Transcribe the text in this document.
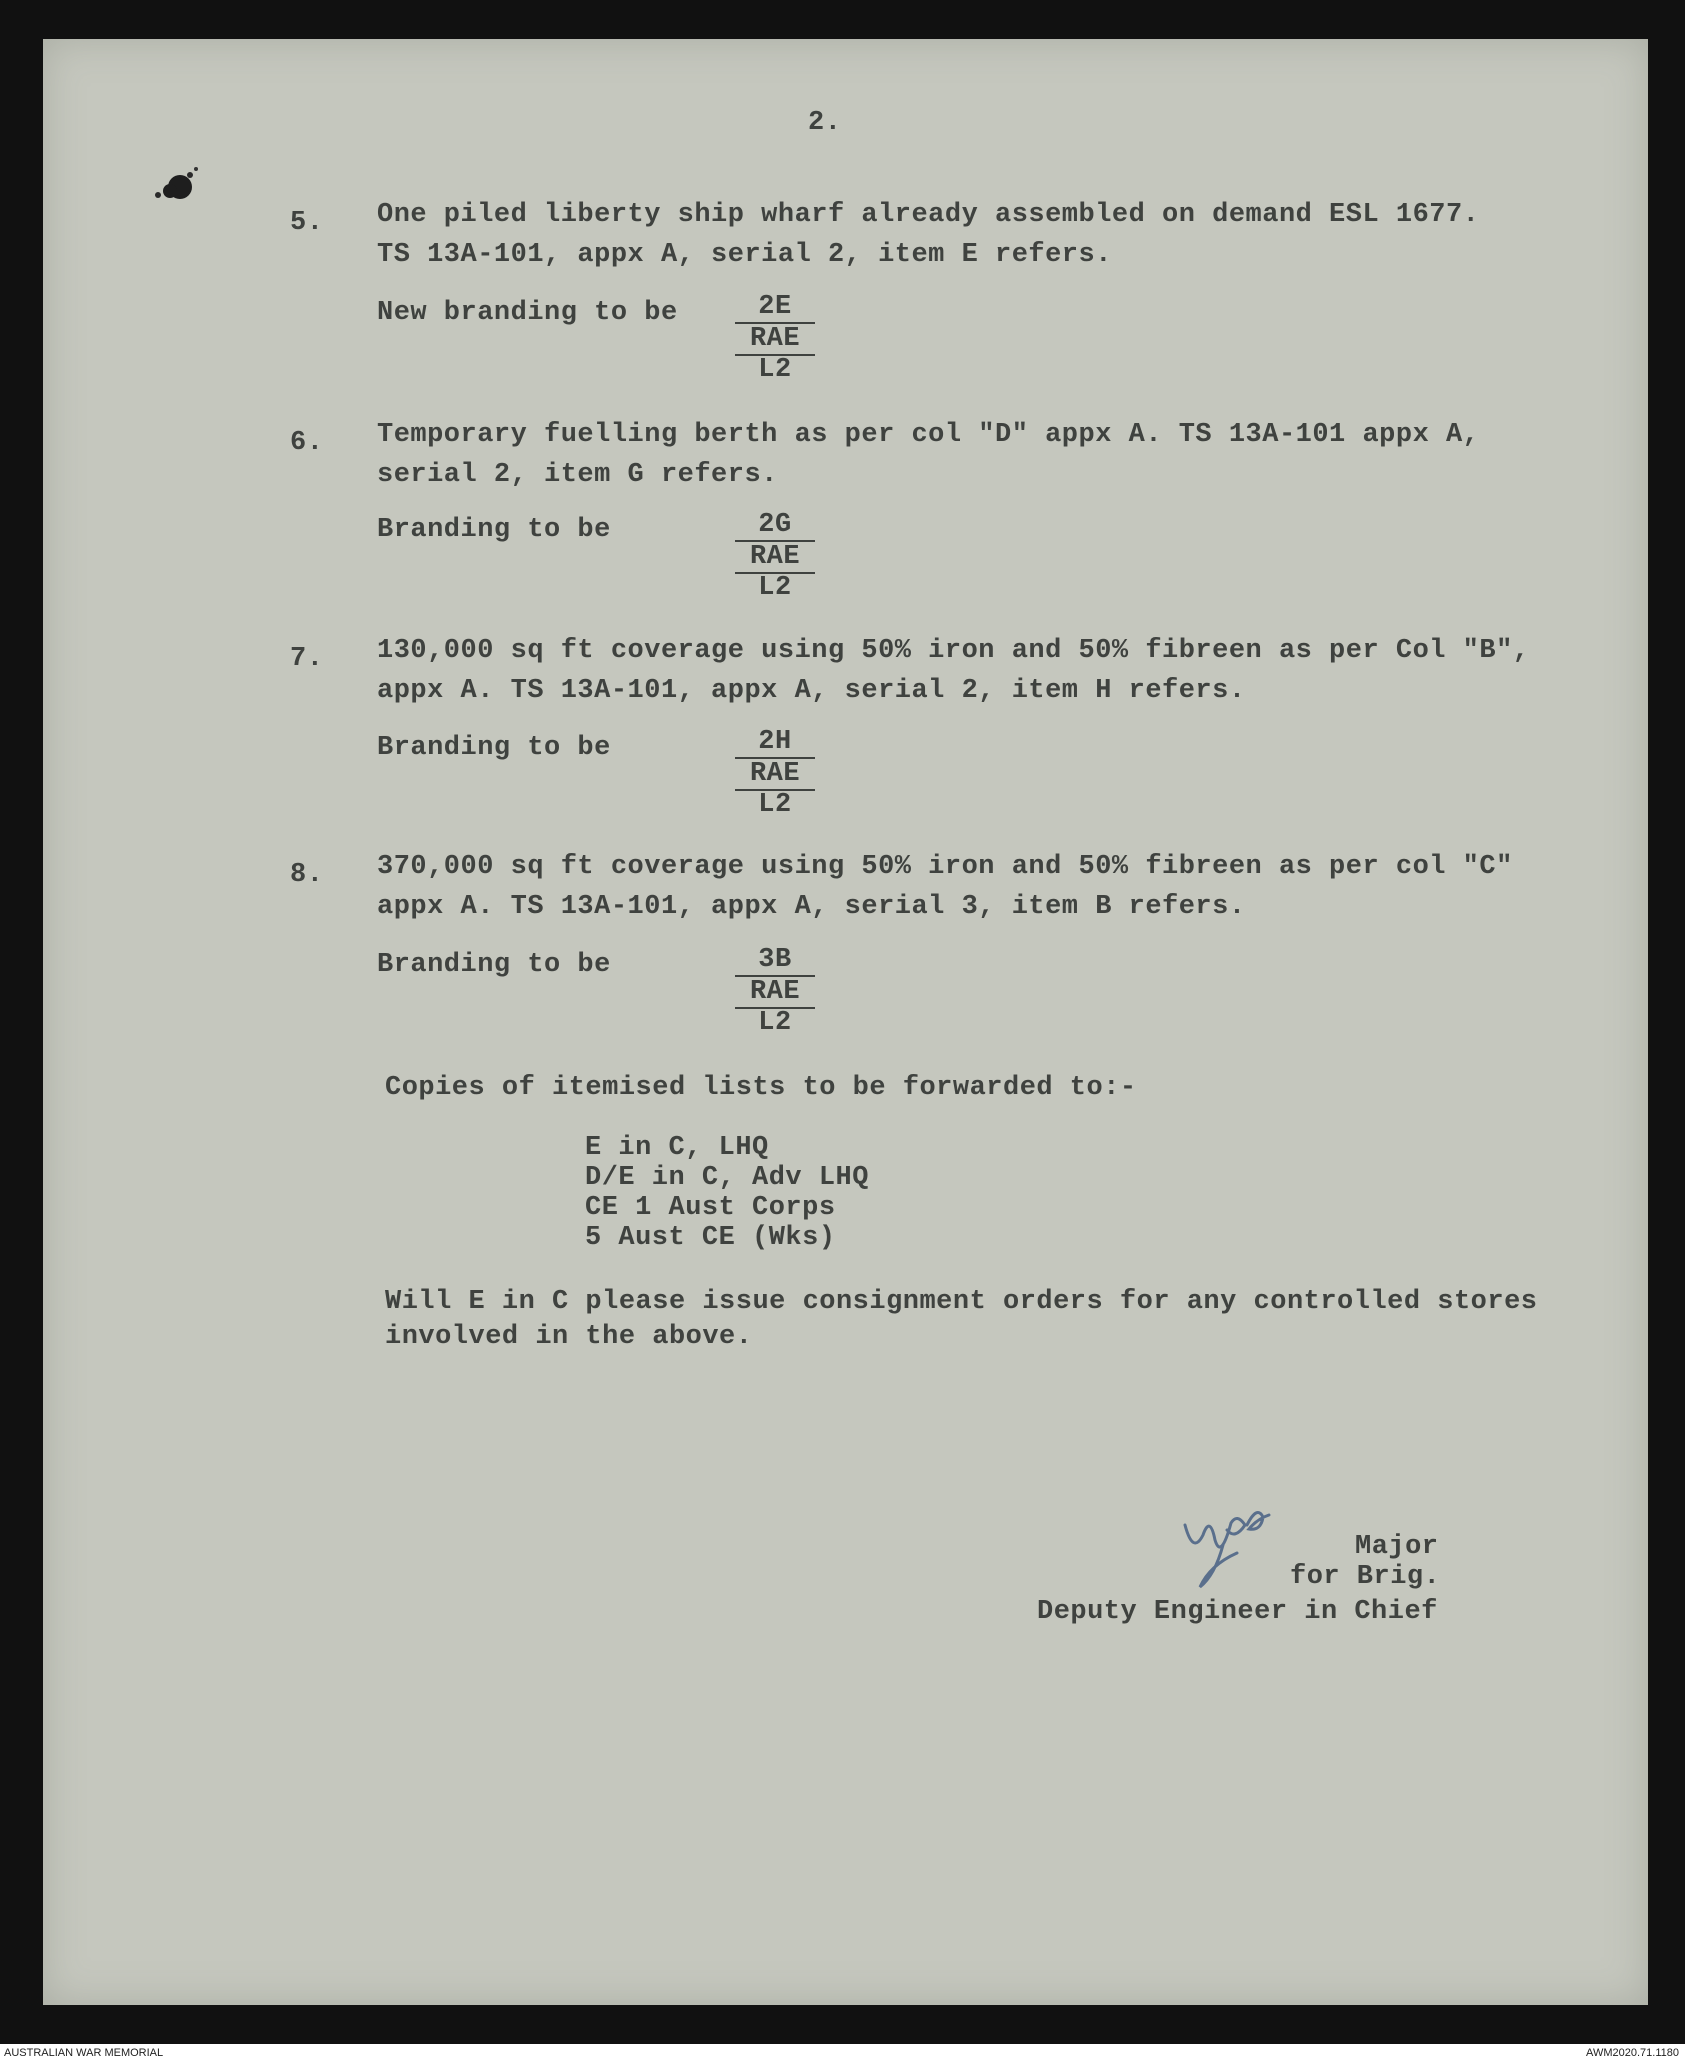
2.
5. One piled liberty ship wharf already assembled on demand ESL 1677.
TS 13A-101, appx A, serial 2, item E refers.
New branding to be	2E
RAE
L2
6. Temporary fuelling berth as per col "D" appx A. TS 13A-101 appx A,
serial 2, item G refers.
Branding to be	2G
RAE
L2
7. 130,000 sq ft coverage using 50% iron and 50% fibreen as per Col "B",
appx A. TS 13A-101, appx A, serial 2, item H refers.
Branding to be	2H
RAE
L2
8. 370,000 sq ft coverage using 50% iron and 50% fibreen as per col "C"
appx A. TS 13A-101, appx A, serial 3, item B refers.
Branding to be	3B
RAE
L2
Copies of itemised lists to be forwarded to:-
E in C, LHQ
D/E in C, Adv LHQ
CE 1 Aust Corps
5 Aust CE (Wks)
Will E in C please issue consignment orders for any controlled stores
involved in the above.
Major
for Brig.
Deputy Engineer in Chief
AUSTRALIAN WAR MEMORIAL	AWM2020.71.1180
